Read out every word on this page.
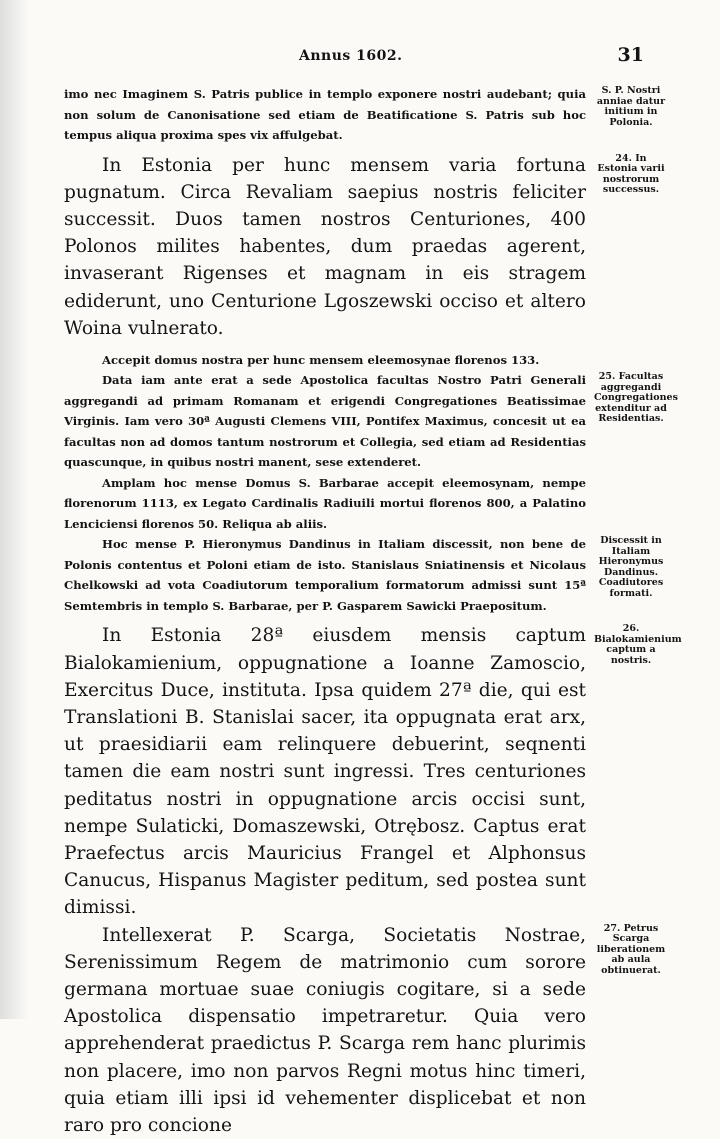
Annus 1602.	31

imo nec Imaginem S. Patris publice in templo exponere nostri audebant; quia non solum de Canonisatione sed etiam de Beatificatione S. Patris sub hoc tempus aliqua proxima spes vix affulgebat.

S. P. Nostri anniae datur initium in Polonia.

In Estonia per hunc mensem varia fortuna pugnatum. Circa Revaliam saepius nostris feliciter successit. Duos tamen nostros Centuriones, 400 Polonos milites habentes, dum praedas agerent, invaserant Rigenses et magnam in eis stragem ediderunt, uno Centurione Lgoszewski occiso et altero Woina vulnerato.

24. In Estonia varii nostrorum successus.

Accepit domus nostra per hunc mensem eleemosynae florenos 133.

Data iam ante erat a sede Apostolica facultas Nostro Patri Generali aggregandi ad primam Romanam et erigendi Congregationes Beatissimae Virginis. Iam vero 30ª Augusti Clemens VIII, Pontifex Maximus, concesit ut ea facultas non ad domos tantum nostrorum et Collegia, sed etiam ad Residentias quascunque, in quibus nostri manent, sese extenderet.

25. Facultas aggregandi Congregationes extenditur ad Residentias.

Amplam hoc mense Domus S. Barbarae accepit eleemosynam, nempe florenorum 1113, ex Legato Cardinalis Radiuili mortui florenos 800, a Palatino Lenciciensi florenos 50. Reliqua ab aliis.

Hoc mense P. Hieronymus Dandinus in Italiam discessit, non bene de Polonis contentus et Poloni etiam de isto. Stanislaus Sniatinensis et Nicolaus Chelkowski ad vota Coadiutorum temporalium formatorum admissi sunt 15ª Semtembris in templo S. Barbarae, per P. Gasparem Sawicki Praepositum.

Discessit in Italiam Hieronymus Dandinus. Coadiutores formati.

In Estonia 28ª eiusdem mensis captum Bialokamienium, oppugnatione a Ioanne Zamoscio, Exercitus Duce, instituta. Ipsa quidem 27ª die, qui est Translationi B. Stanislai sacer, ita oppugnata erat arx, ut praesidiarii eam relinquere debuerint, seqnenti tamen die eam nostri sunt ingressi. Tres centuriones peditatus nostri in oppugnatione arcis occisi sunt, nempe Sulaticki, Domaszewski, Otrębosz. Captus erat Praefectus arcis Mauricius Frangel et Alphonsus Canucus, Hispanus Magister peditum, sed postea sunt dimissi.

26. Bialokamienium captum a nostris.

Intellexerat P. Scarga, Societatis Nostrae, Serenissimum Regem de matrimonio cum sorore germana mortuae suae coniugis cogitare, si a sede Apostolica dispensatio impetraretur. Quia vero apprehenderat praedictus P. Scarga rem hanc plurimis non placere, imo non parvos Regni motus hinc timeri, quia etiam illi ipsi id vehementer displicebat et non raro pro concione

27. Petrus Scarga liberationem ab aula obtinuerat.
